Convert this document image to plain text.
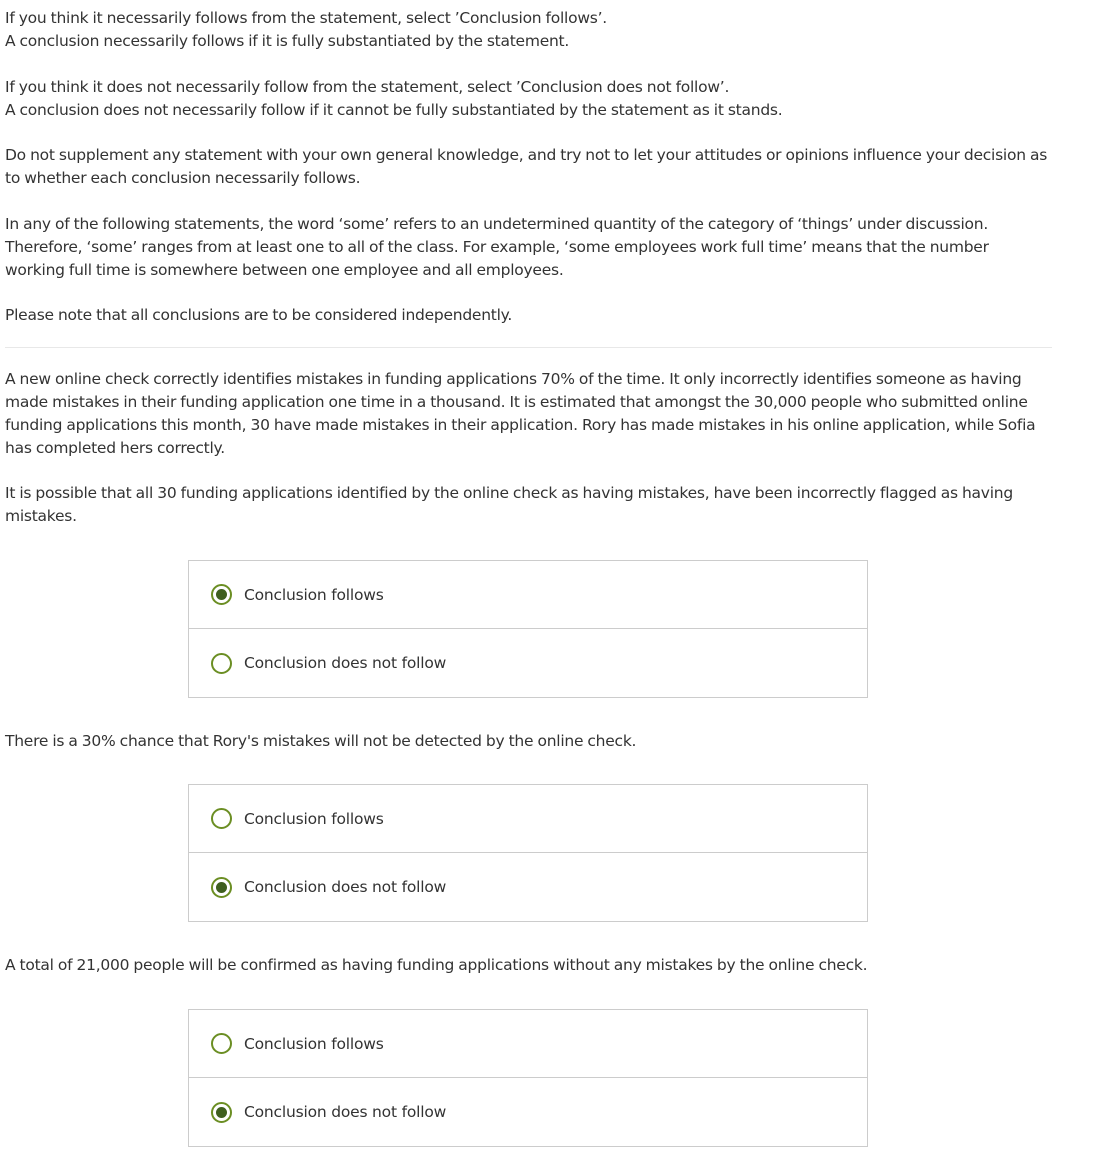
If you think it necessarily follows from the statement, select ’Conclusion follows’.
A conclusion necessarily follows if it is fully substantiated by the statement.

If you think it does not necessarily follow from the statement, select ’Conclusion does not follow’.
A conclusion does not necessarily follow if it cannot be fully substantiated by the statement as it stands.

Do not supplement any statement with your own general knowledge, and try not to let your attitudes or opinions influence your decision as to whether each conclusion necessarily follows.

In any of the following statements, the word ‘some’ refers to an undetermined quantity of the category of ‘things’ under discussion. Therefore, ‘some’ ranges from at least one to all of the class. For example, ‘some employees work full time’ means that the number working full time is somewhere between one employee and all employees.

Please note that all conclusions are to be considered independently.

A new online check correctly identifies mistakes in funding applications 70% of the time. It only incorrectly identifies someone as having made mistakes in their funding application one time in a thousand. It is estimated that amongst the 30,000 people who submitted online funding applications this month, 30 have made mistakes in their application. Rory has made mistakes in his online application, while Sofia has completed hers correctly.

It is possible that all 30 funding applications identified by the online check as having mistakes, have been incorrectly flagged as having mistakes.

Conclusion follows
Conclusion does not follow

There is a 30% chance that Rory's mistakes will not be detected by the online check.

Conclusion follows
Conclusion does not follow

A total of 21,000 people will be confirmed as having funding applications without any mistakes by the online check.

Conclusion follows
Conclusion does not follow
